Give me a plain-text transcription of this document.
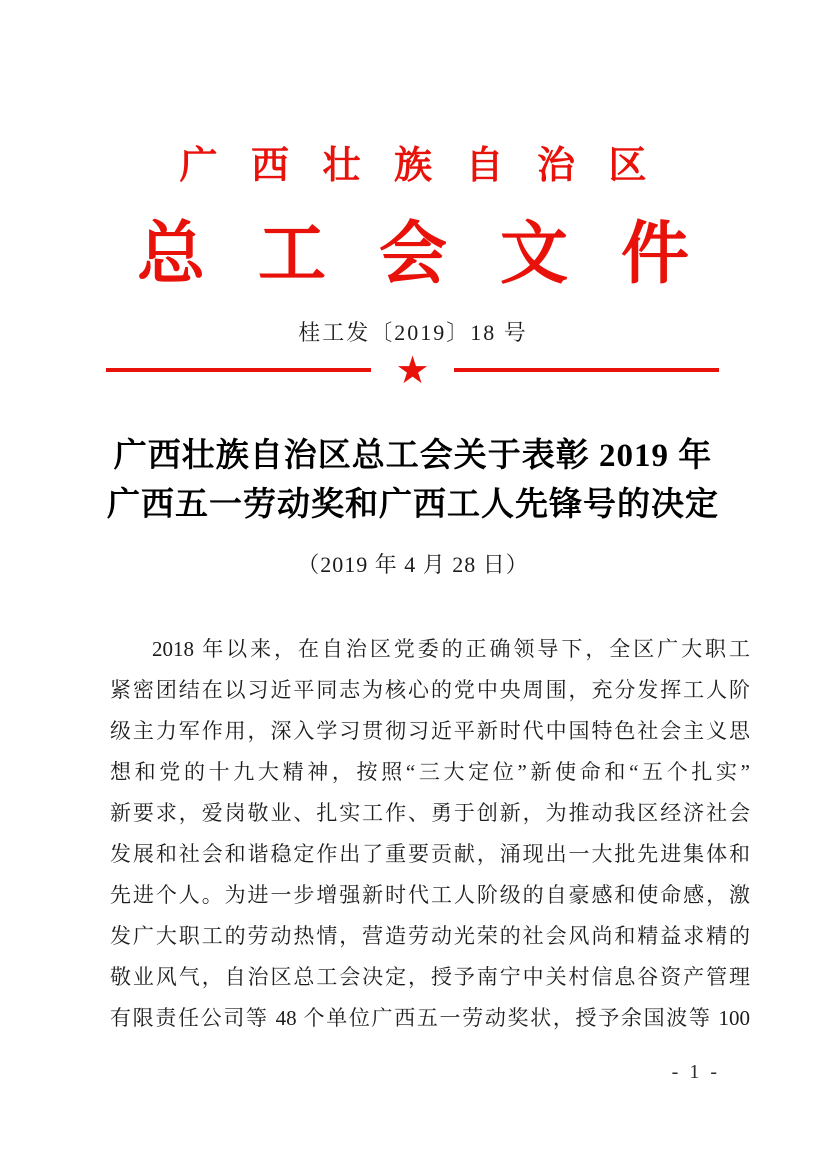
广 西 壮 族 自 治 区
总 工 会 文 件
桂工发〔2019〕18 号
★
广西壮族自治区总工会关于表彰 2019 年
广西五一劳动奖和广西工人先锋号的决定
（2019 年 4 月 28 日）
2018 年以来，在自治区党委的正确领导下，全区广大职工
紧密团结在以习近平同志为核心的党中央周围，充分发挥工人阶
级主力军作用，深入学习贯彻习近平新时代中国特色社会主义思
想和党的十九大精神，按照“三大定位”新使命和“五个扎实”
新要求，爱岗敬业、扎实工作、勇于创新，为推动我区经济社会
发展和社会和谐稳定作出了重要贡献，涌现出一大批先进集体和
先进个人。为进一步增强新时代工人阶级的自豪感和使命感，激
发广大职工的劳动热情，营造劳动光荣的社会风尚和精益求精的
敬业风气，自治区总工会决定，授予南宁中关村信息谷资产管理
有限责任公司等 48 个单位广西五一劳动奖状，授予余国波等 100
- 1 -
